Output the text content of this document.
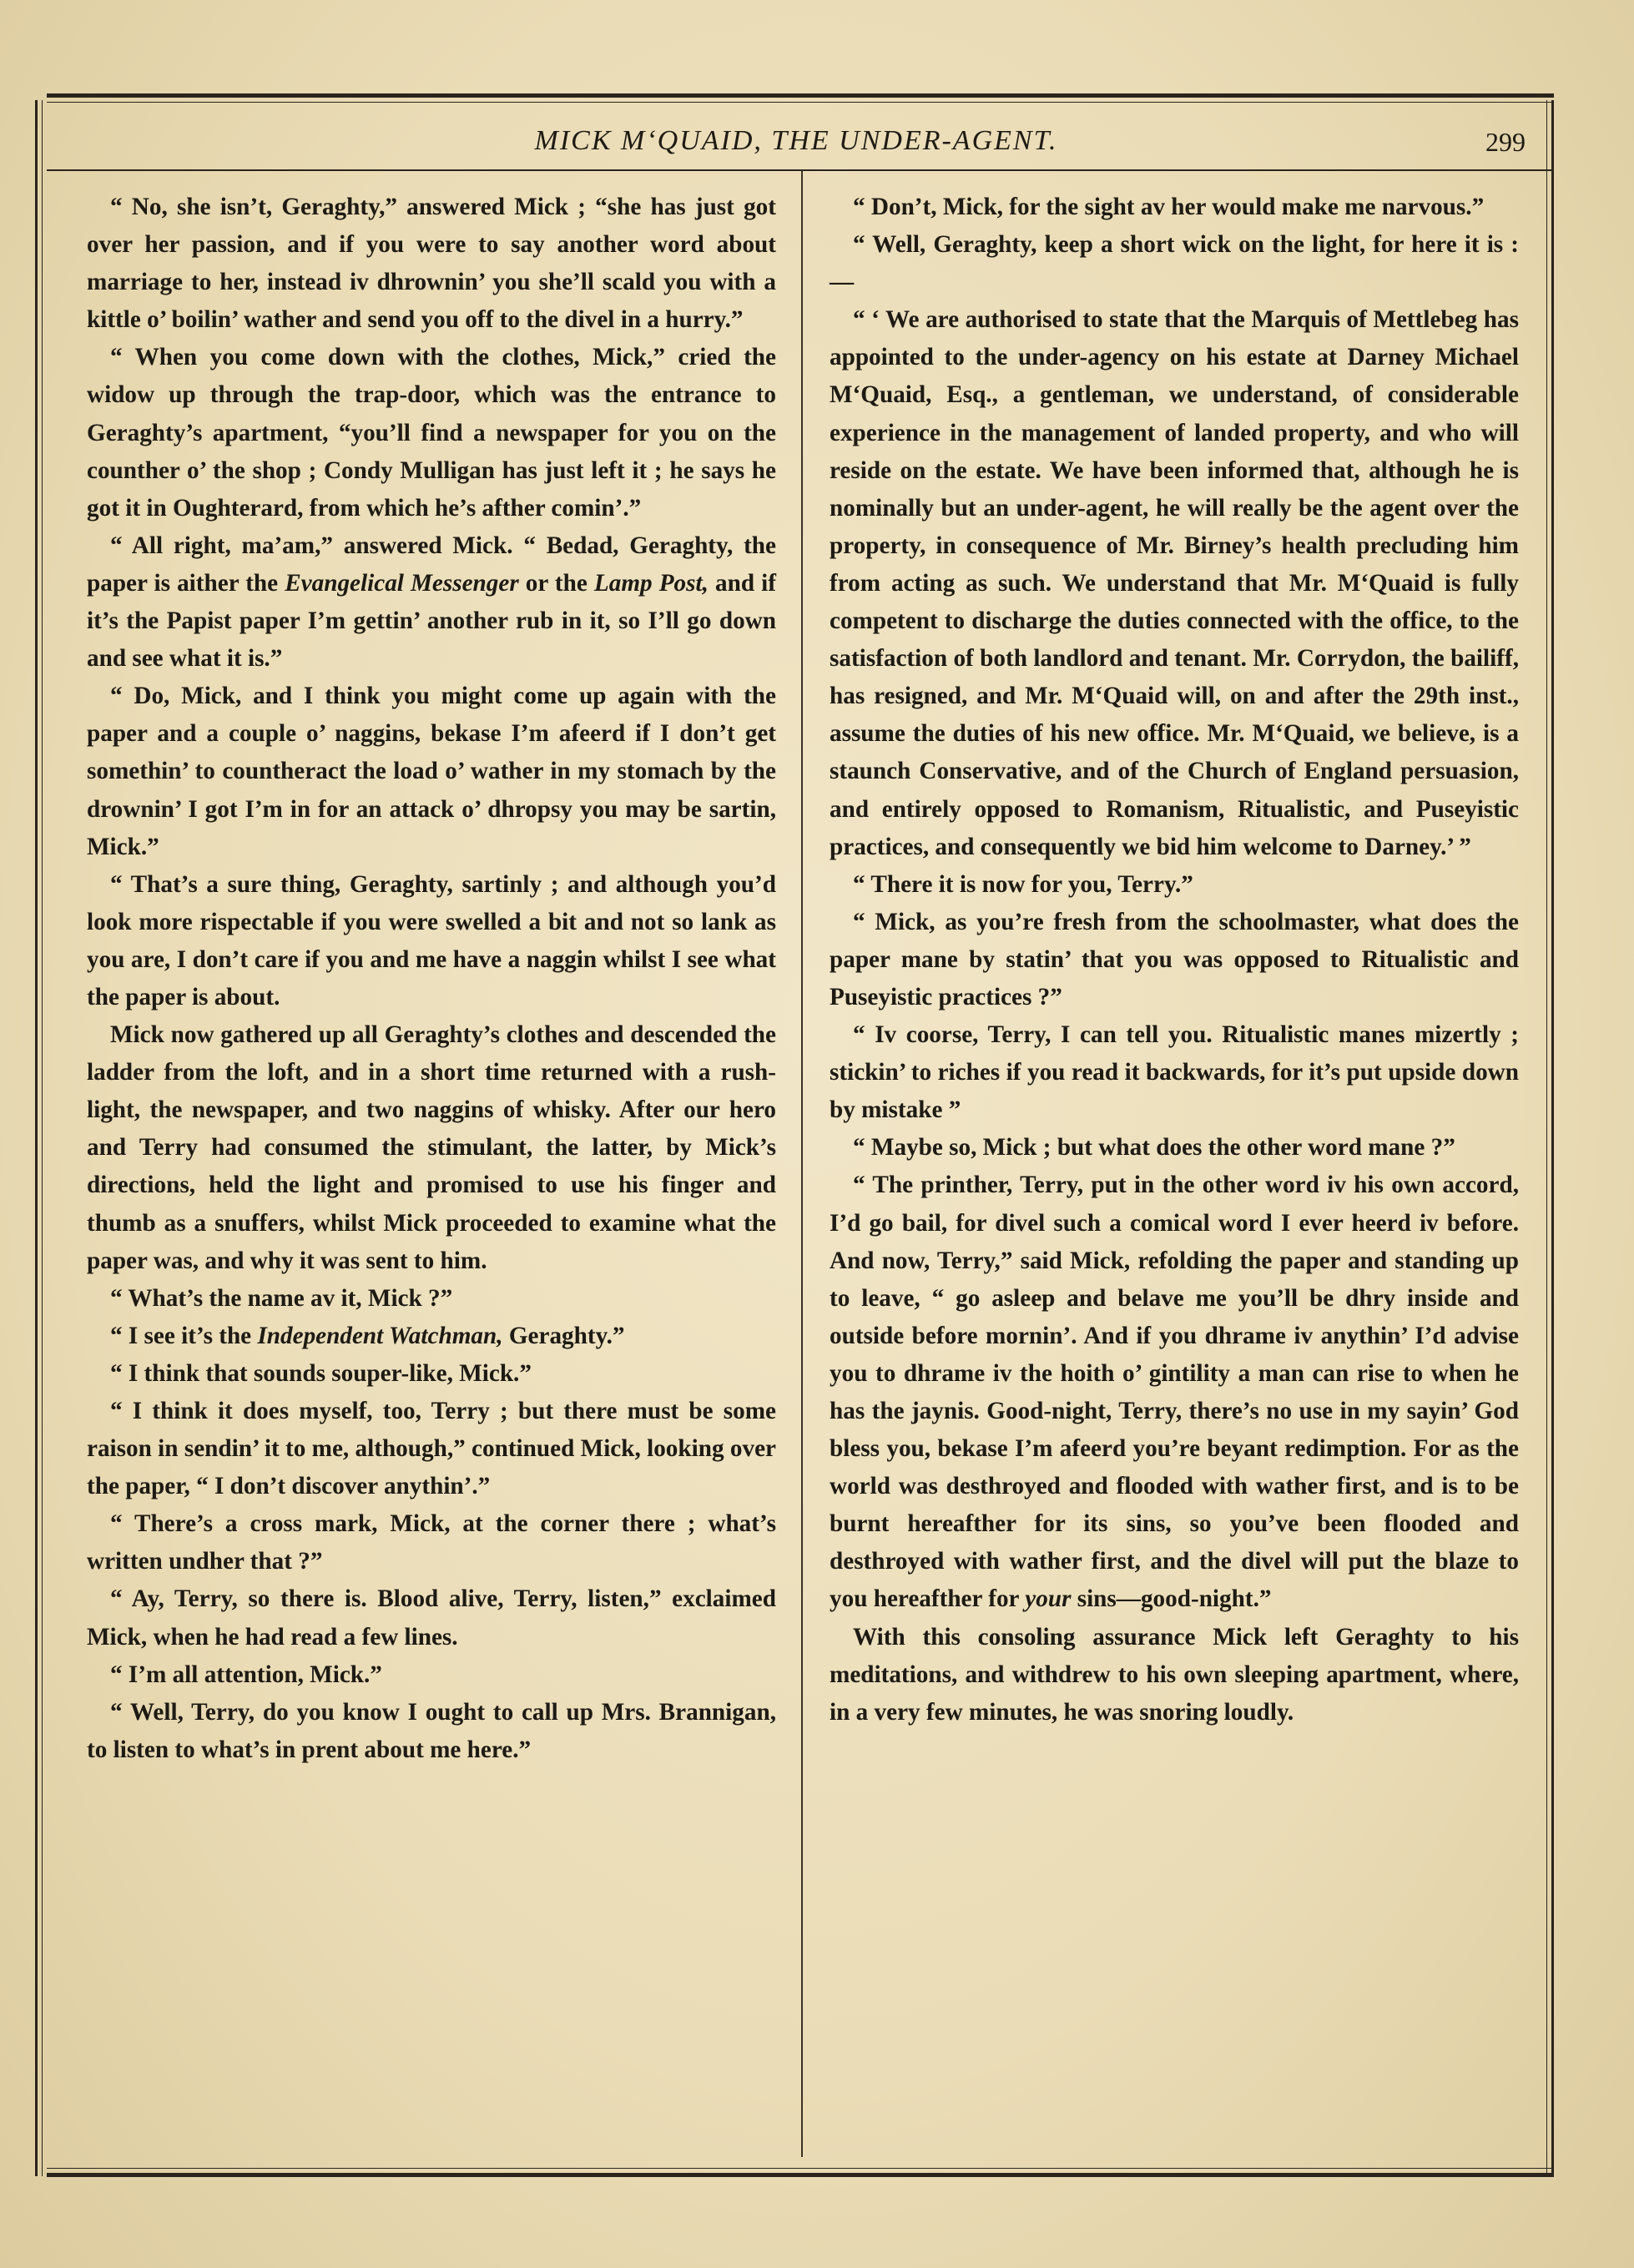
MICK M‘QUAID, THE UNDER-AGENT.	299

“ No, she isn’t, Geraghty,” answered Mick ; “she has just got over her passion, and if you were to say another word about marriage to her, instead iv dhrownin’ you she’ll scald you with a kittle o’ boilin’ wather and send you off to the divel in a hurry.”

“ When you come down with the clothes, Mick,” cried the widow up through the trap-door, which was the entrance to Geraghty’s apartment, “you’ll find a newspaper for you on the counther o’ the shop ; Condy Mulligan has just left it ; he says he got it in Oughterard, from which he’s afther comin’.”

“ All right, ma’am,” answered Mick. “ Bedad, Geraghty, the paper is aither the Evangelical Messenger or the Lamp Post, and if it’s the Papist paper I’m gettin’ another rub in it, so I’ll go down and see what it is.”

“ Do, Mick, and I think you might come up again with the paper and a couple o’ naggins, bekase I’m afeerd if I don’t get somethin’ to countheract the load o’ wather in my stomach by the drownin’ I got I’m in for an attack o’ dhropsy you may be sartin, Mick.”

“ That’s a sure thing, Geraghty, sartinly ; and although you’d look more rispectable if you were swelled a bit and not so lank as you are, I don’t care if you and me have a naggin whilst I see what the paper is about.

Mick now gathered up all Geraghty’s clothes and descended the ladder from the loft, and in a short time returned with a rush-light, the newspaper, and two naggins of whisky. After our hero and Terry had consumed the stimulant, the latter, by Mick’s directions, held the light and promised to use his finger and thumb as a snuffers, whilst Mick proceeded to examine what the paper was, and why it was sent to him.

“ What’s the name av it, Mick ?”

“ I see it’s the Independent Watchman, Geraghty.”

“ I think that sounds souper-like, Mick.”

“ I think it does myself, too, Terry ; but there must be some raison in sendin’ it to me, although,” continued Mick, looking over the paper, “ I don’t discover anythin’.”

“ There’s a cross mark, Mick, at the corner there ; what’s written undher that ?”

“ Ay, Terry, so there is. Blood alive, Terry, listen,” exclaimed Mick, when he had read a few lines.

“ I’m all attention, Mick.”

“ Well, Terry, do you know I ought to call up Mrs. Brannigan, to listen to what’s in prent about me here.”

“ Don’t, Mick, for the sight av her would make me narvous.”

“ Well, Geraghty, keep a short wick on the light, for here it is :—

“ ‘ We are authorised to state that the Marquis of Mettlebeg has appointed to the under-agency on his estate at Darney Michael M‘Quaid, Esq., a gentleman, we understand, of considerable experience in the management of landed property, and who will reside on the estate. We have been informed that, although he is nominally but an under-agent, he will really be the agent over the property, in consequence of Mr. Birney’s health precluding him from acting as such. We understand that Mr. M‘Quaid is fully competent to discharge the duties connected with the office, to the satisfaction of both landlord and tenant. Mr. Corrydon, the bailiff, has resigned, and Mr. M‘Quaid will, on and after the 29th inst., assume the duties of his new office. Mr. M‘Quaid, we believe, is a staunch Conservative, and of the Church of England persuasion, and entirely opposed to Romanism, Ritualistic, and Puseyistic practices, and consequently we bid him welcome to Darney.’ ”

“ There it is now for you, Terry.”

“ Mick, as you’re fresh from the schoolmaster, what does the paper mane by statin’ that you was opposed to Ritualistic and Puseyistic practices ?”

“ Iv coorse, Terry, I can tell you. Ritualistic manes mizertly ; stickin’ to riches if you read it backwards, for it’s put upside down by mistake ”

“ Maybe so, Mick ; but what does the other word mane ?”

“ The printher, Terry, put in the other word iv his own accord, I’d go bail, for divel such a comical word I ever heerd iv before. And now, Terry,” said Mick, refolding the paper and standing up to leave, “ go asleep and belave me you’ll be dhry inside and outside before mornin’. And if you dhrame iv anythin’ I’d advise you to dhrame iv the hoith o’ gintility a man can rise to when he has the jaynis. Good-night, Terry, there’s no use in my sayin’ God bless you, bekase I’m afeerd you’re beyant redimption. For as the world was desthroyed and flooded with wather first, and is to be burnt hereafther for its sins, so you’ve been flooded and desthroyed with wather first, and the divel will put the blaze to you hereafther for your sins—good-night.”

With this consoling assurance Mick left Geraghty to his meditations, and withdrew to his own sleeping apartment, where, in a very few minutes, he was snoring loudly.
